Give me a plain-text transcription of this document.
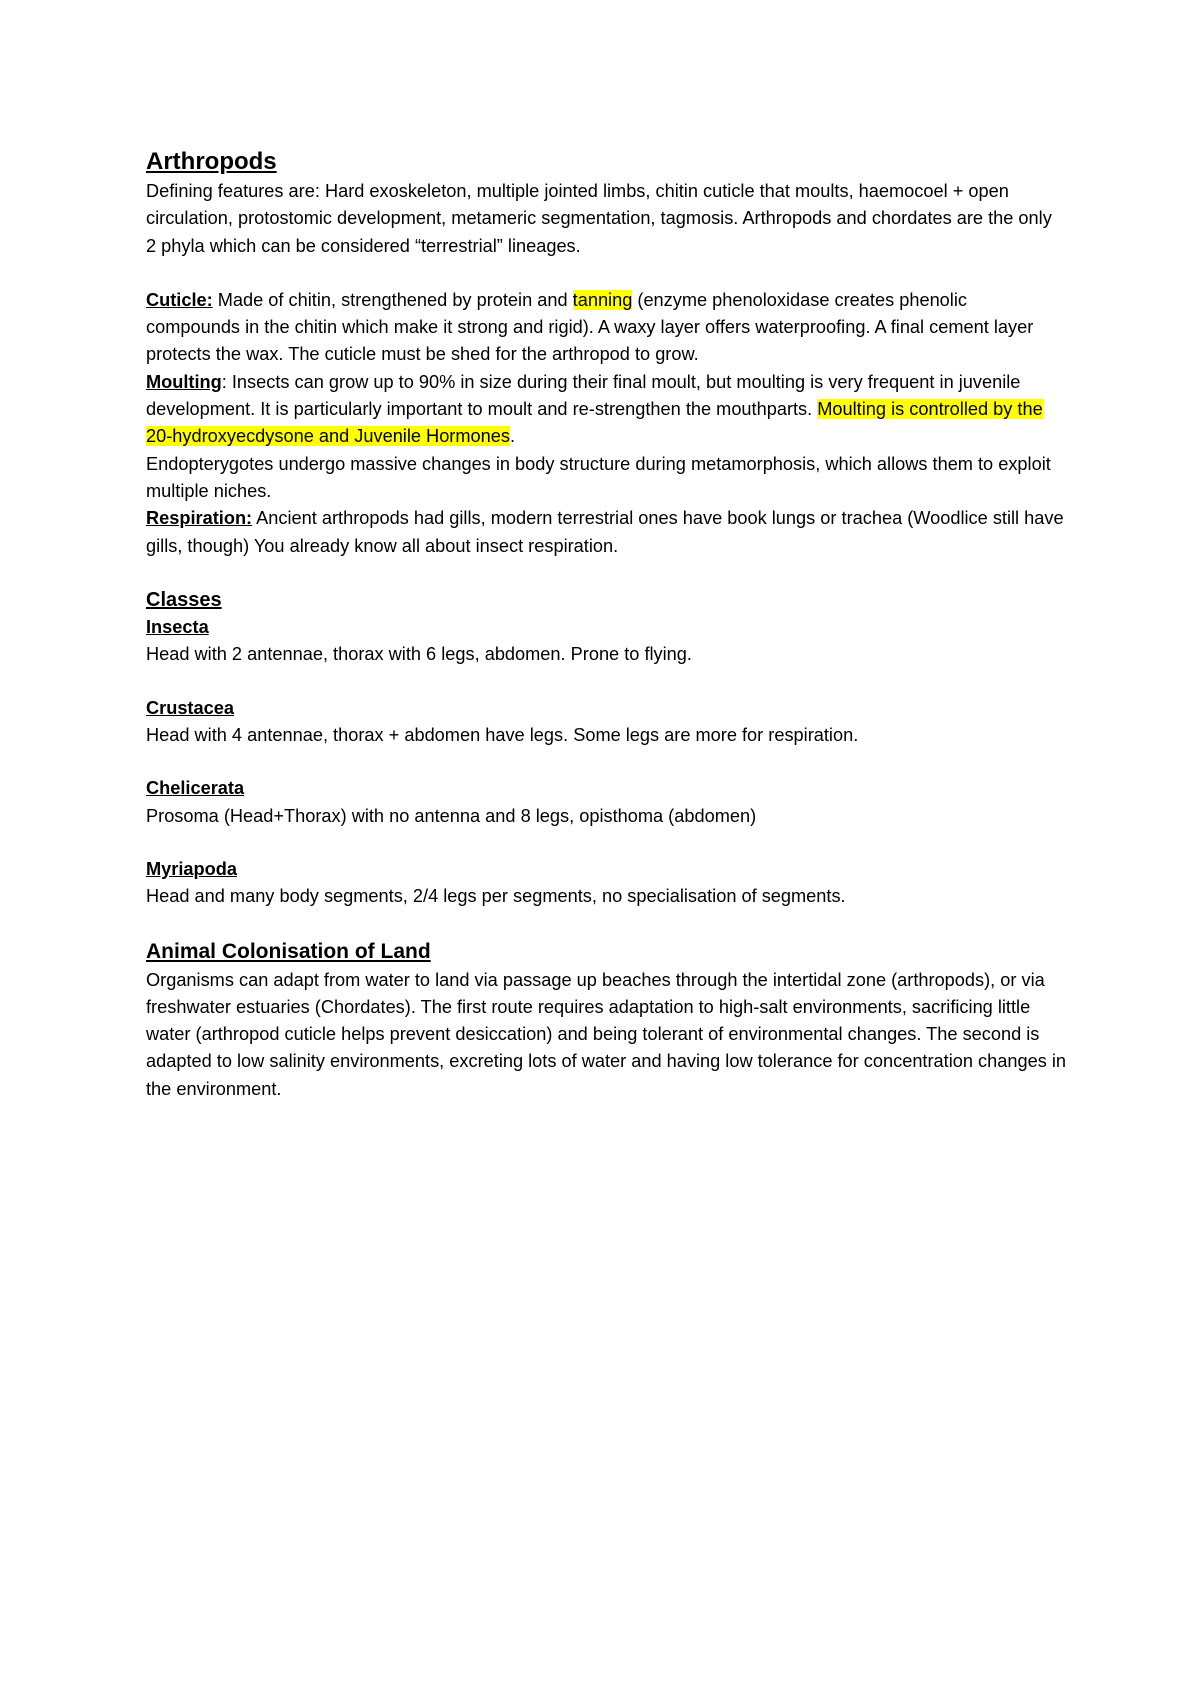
Arthropods

Defining features are: Hard exoskeleton, multiple jointed limbs, chitin cuticle that moults, haemocoel + open circulation, protostomic development, metameric segmentation, tagmosis. Arthropods and chordates are the only 2 phyla which can be considered “terrestrial” lineages.

Cuticle: Made of chitin, strengthened by protein and tanning (enzyme phenoloxidase creates phenolic compounds in the chitin which make it strong and rigid). A waxy layer offers waterproofing. A final cement layer protects the wax. The cuticle must be shed for the arthropod to grow.

Moulting: Insects can grow up to 90% in size during their final moult, but moulting is very frequent in juvenile development. It is particularly important to moult and re-strengthen the mouthparts. Moulting is controlled by the 20-hydroxyecdysone and Juvenile Hormones.

Endopterygotes undergo massive changes in body structure during metamorphosis, which allows them to exploit multiple niches.

Respiration: Ancient arthropods had gills, modern terrestrial ones have book lungs or trachea (Woodlice still have gills, though) You already know all about insect respiration.

Classes

Insecta

Head with 2 antennae, thorax with 6 legs, abdomen. Prone to flying.

Crustacea

Head with 4 antennae, thorax + abdomen have legs. Some legs are more for respiration.

Chelicerata

Prosoma (Head+Thorax) with no antenna and 8 legs, opisthoma (abdomen)

Myriapoda

Head and many body segments, 2/4 legs per segments, no specialisation of segments.

Animal Colonisation of Land

Organisms can adapt from water to land via passage up beaches through the intertidal zone (arthropods), or via freshwater estuaries (Chordates). The first route requires adaptation to high-salt environments, sacrificing little water (arthropod cuticle helps prevent desiccation) and being tolerant of environmental changes. The second is adapted to low salinity environments, excreting lots of water and having low tolerance for concentration changes in the environment.
